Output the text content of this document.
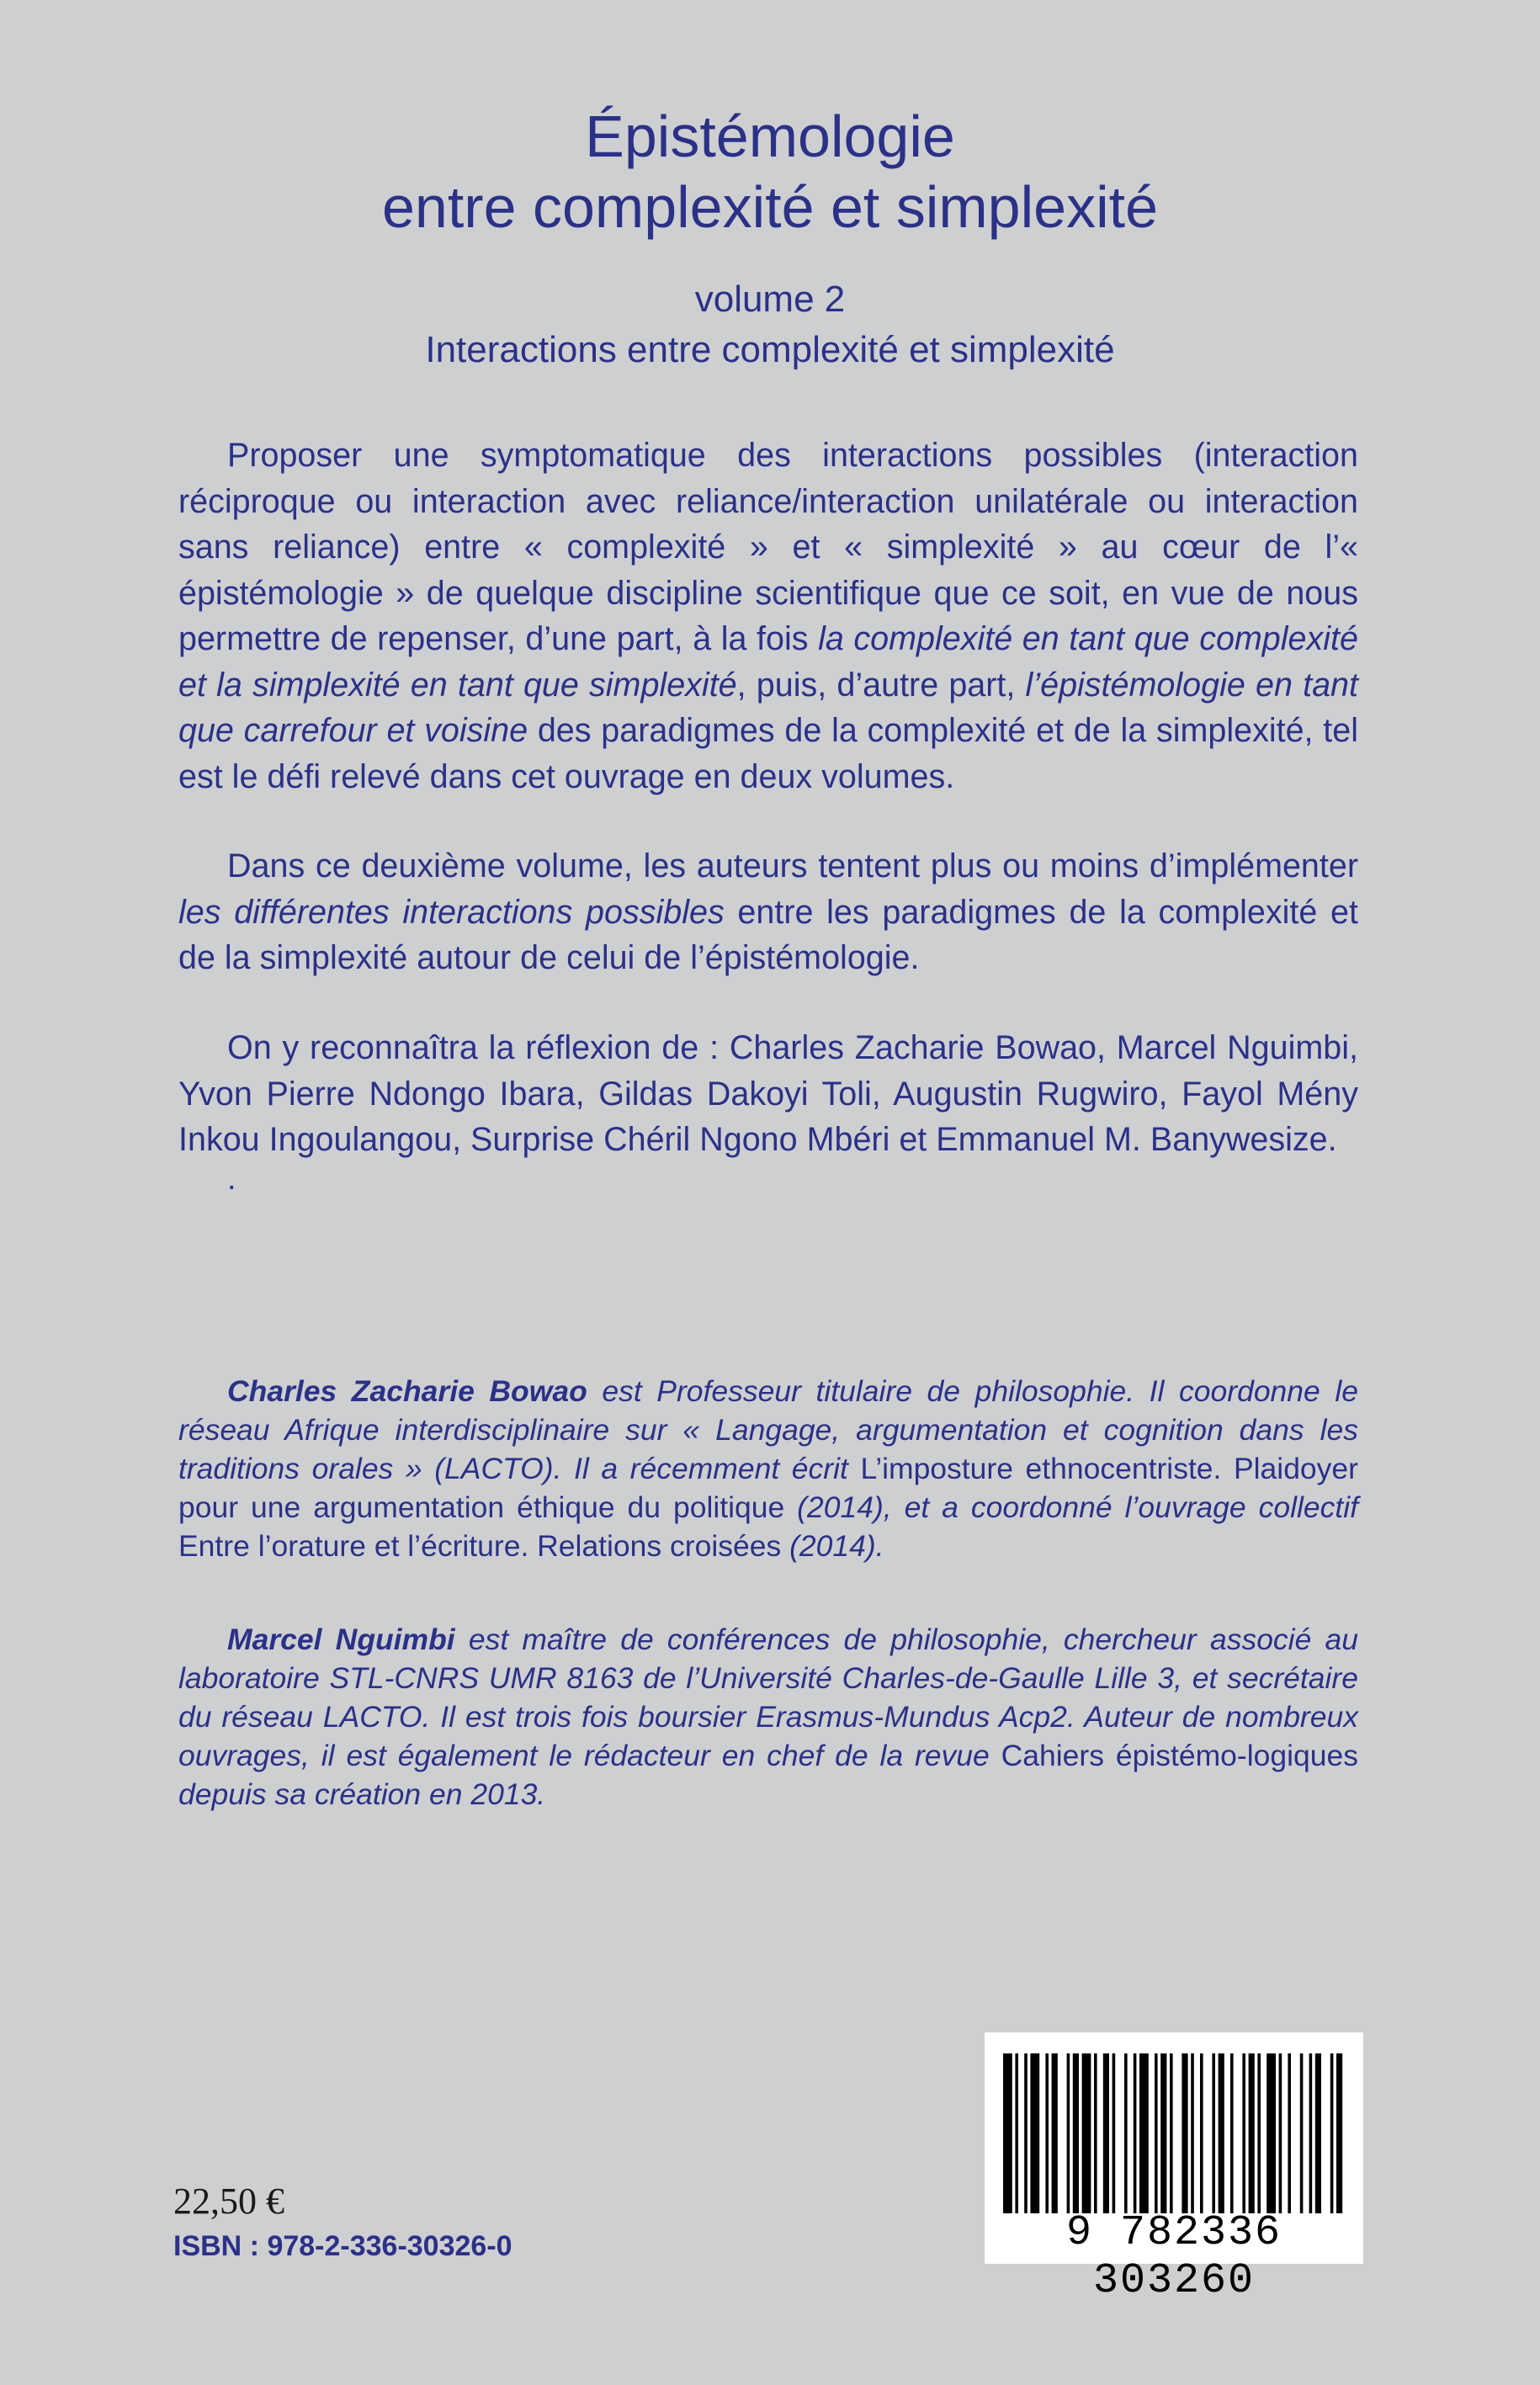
Épistémologie
entre complexité et simplexité
volume 2
Interactions entre complexité et simplexité

Proposer une symptomatique des interactions possibles (interaction réciproque ou interaction avec reliance/interaction unilatérale ou interaction sans reliance) entre « complexité » et « simplexité » au cœur de l’« épistémologie » de quelque discipline scientifique que ce soit, en vue de nous permettre de repenser, d’une part, à la fois la complexité en tant que complexité et la simplexité en tant que simplexité, puis, d’autre part, l’épistémologie en tant que carrefour et voisine des paradigmes de la complexité et de la simplexité, tel est le défi relevé dans cet ouvrage en deux volumes.

Dans ce deuxième volume, les auteurs tentent plus ou moins d’implémenter les différentes interactions possibles entre les paradigmes de la complexité et de la simplexité autour de celui de l’épistémologie.

On y reconnaîtra la réflexion de : Charles Zacharie Bowao, Marcel Nguimbi, Yvon Pierre Ndongo Ibara, Gildas Dakoyi Toli, Augustin Rugwiro, Fayol Mény Inkou Ingoulangou, Surprise Chéril Ngono Mbéri et Emmanuel M. Banywesize.

.

Charles Zacharie Bowao est Professeur titulaire de philosophie. Il coordonne le réseau Afrique interdisciplinaire sur « Langage, argumentation et cognition dans les traditions orales » (LACTO). Il a récemment écrit L’imposture ethnocentriste. Plaidoyer pour une argumentation éthique du politique (2014), et a coordonné l’ouvrage collectif Entre l’orature et l’écriture. Relations croisées (2014).

Marcel Nguimbi est maître de conférences de philosophie, chercheur associé au laboratoire STL-CNRS UMR 8163 de l’Université Charles-de-Gaulle Lille 3, et secrétaire du réseau LACTO. Il est trois fois boursier Erasmus-Mundus Acp2. Auteur de nombreux ouvrages, il est également le rédacteur en chef de la revue Cahiers épistémo-logiques depuis sa création en 2013.

22,50 €
ISBN : 978-2-336-30326-0	9 782336 303260
